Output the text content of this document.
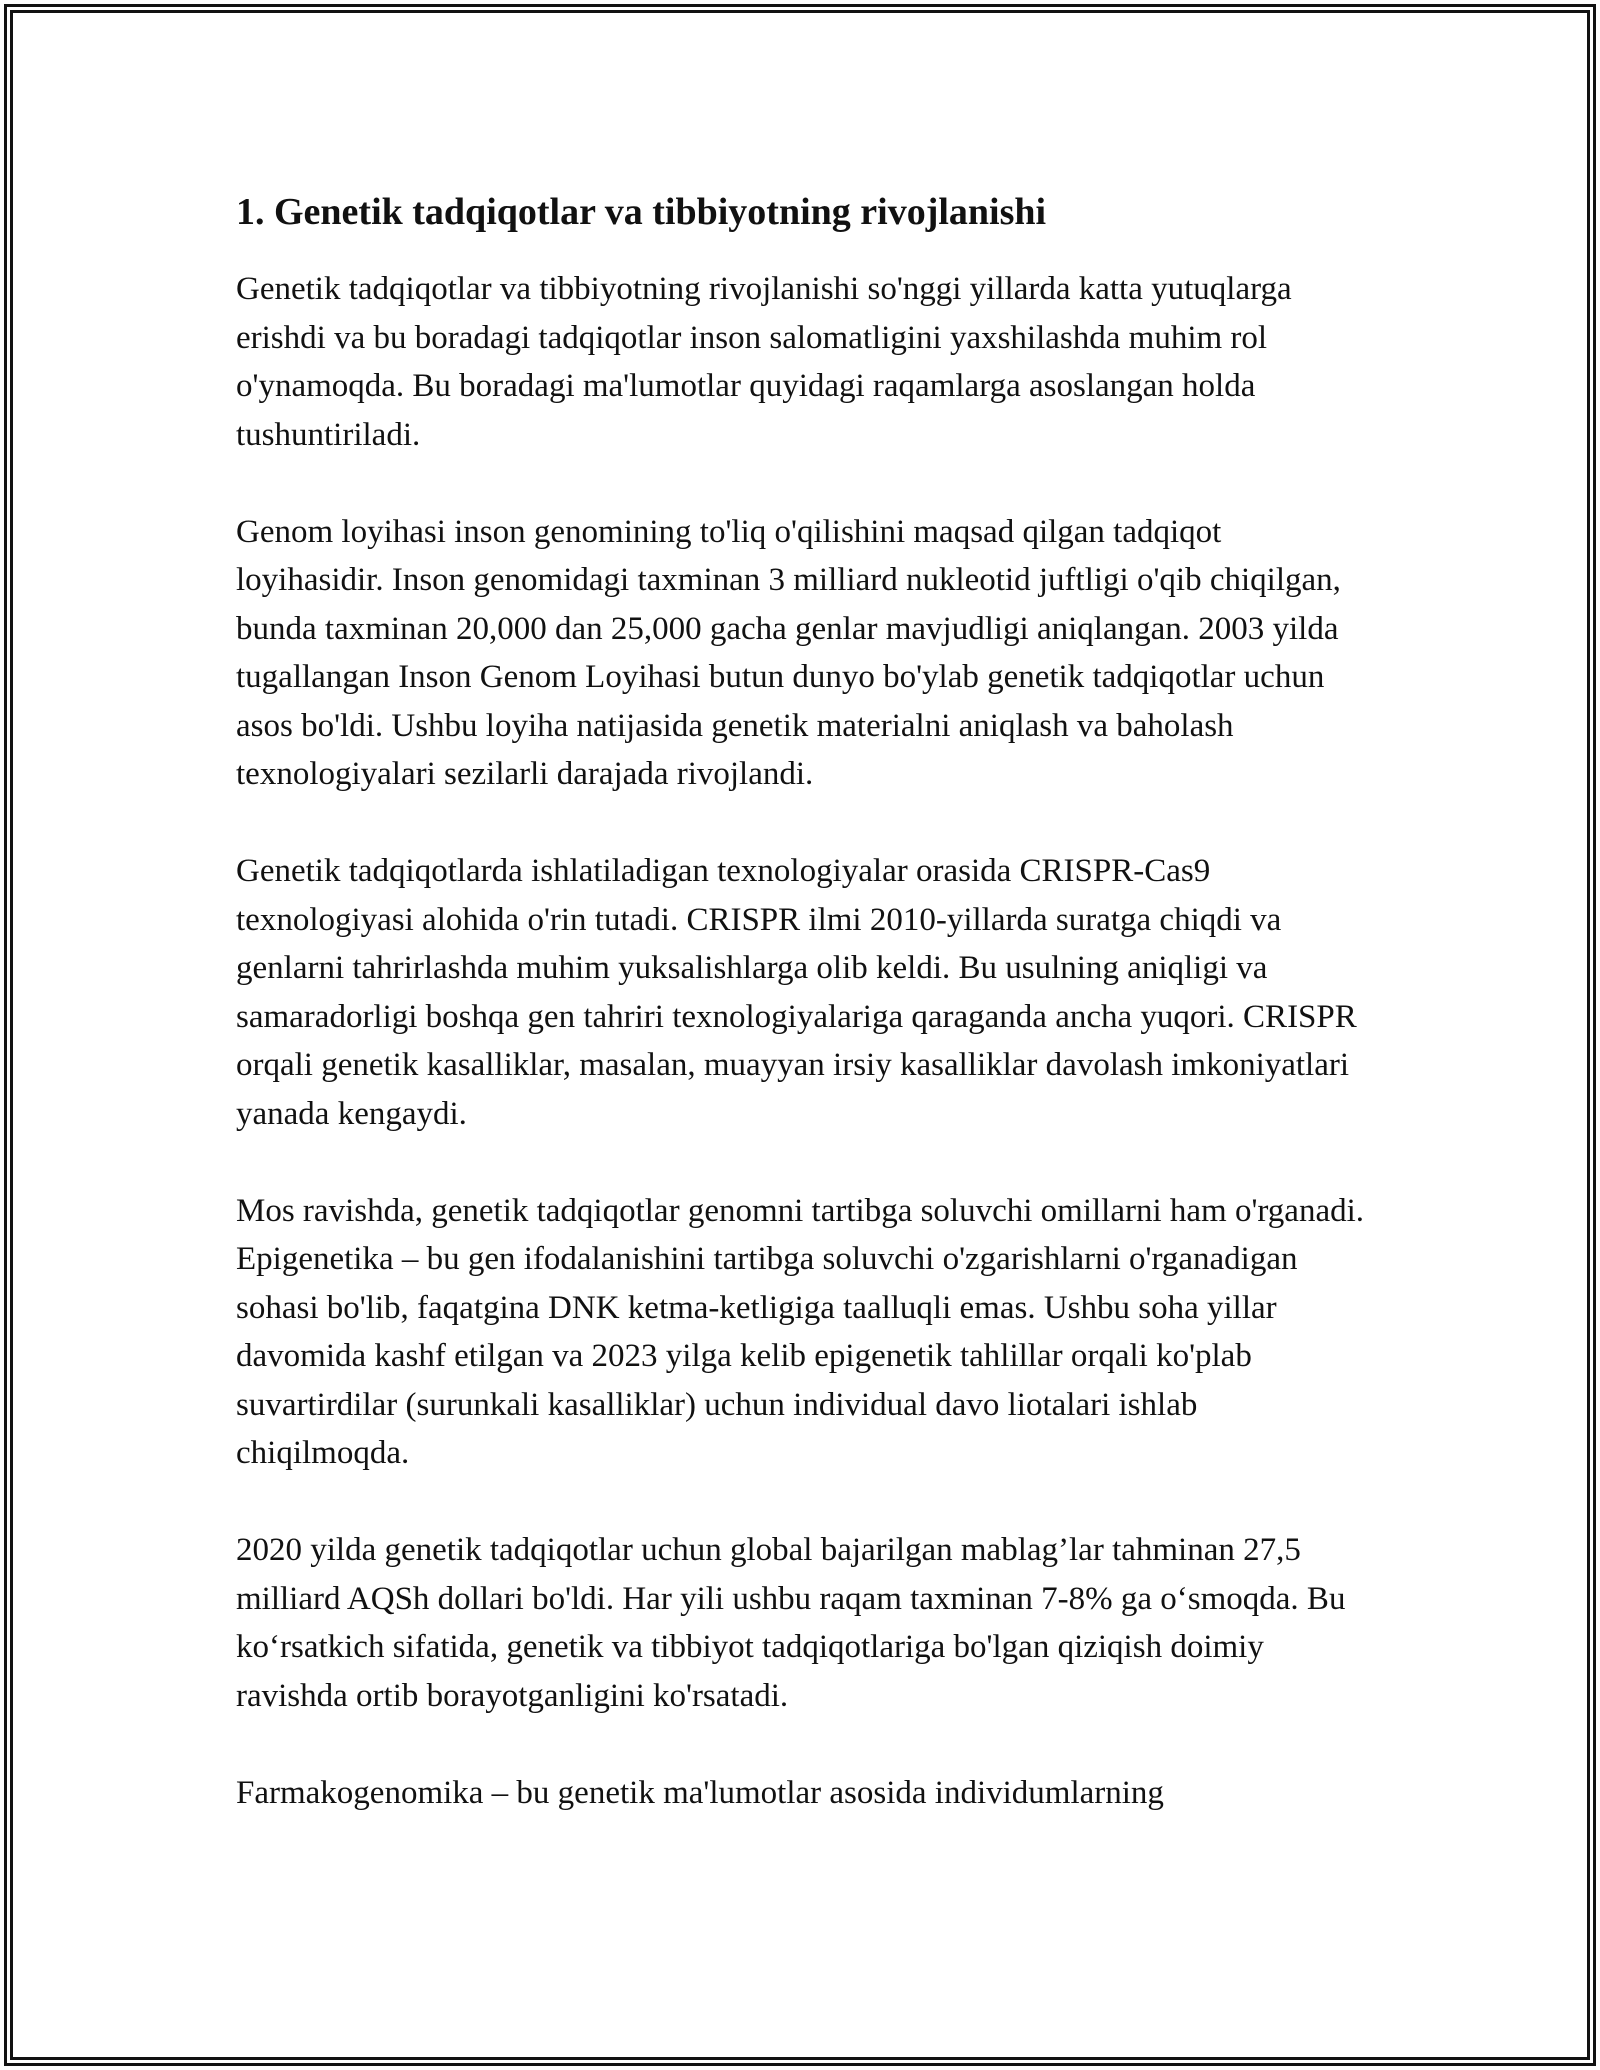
1. Genetik tadqiqotlar va tibbiyotning rivojlanishi

Genetik tadqiqotlar va tibbiyotning rivojlanishi so'nggi yillarda katta yutuqlarga erishdi va bu boradagi tadqiqotlar inson salomatligini yaxshilashda muhim rol o'ynamoqda. Bu boradagi ma'lumotlar quyidagi raqamlarga asoslangan holda tushuntiriladi.

Genom loyihasi inson genomining to'liq o'qilishini maqsad qilgan tadqiqot loyihasidir. Inson genomidagi taxminan 3 milliard nukleotid juftligi o'qib chiqilgan, bunda taxminan 20,000 dan 25,000 gacha genlar mavjudligi aniqlangan. 2003 yilda tugallangan Inson Genom Loyihasi butun dunyo bo'ylab genetik tadqiqotlar uchun asos bo'ldi. Ushbu loyiha natijasida genetik materialni aniqlash va baholash texnologiyalari sezilarli darajada rivojlandi.

Genetik tadqiqotlarda ishlatiladigan texnologiyalar orasida CRISPR-Cas9 texnologiyasi alohida o'rin tutadi. CRISPR ilmi 2010-yillarda suratga chiqdi va genlarni tahrirlashda muhim yuksalishlarga olib keldi. Bu usulning aniqligi va samaradorligi boshqa gen tahriri texnologiyalariga qaraganda ancha yuqori. CRISPR orqali genetik kasalliklar, masalan, muayyan irsiy kasalliklar davolash imkoniyatlari yanada kengaydi.

Mos ravishda, genetik tadqiqotlar genomni tartibga soluvchi omillarni ham o'rganadi. Epigenetika – bu gen ifodalanishini tartibga soluvchi o'zgarishlarni o'rganadigan sohasi bo'lib, faqatgina DNK ketma-ketligiga taalluqli emas. Ushbu soha yillar davomida kashf etilgan va 2023 yilga kelib epigenetik tahlillar orqali ko'plab suvartirdilar (surunkali kasalliklar) uchun individual davo liotalari ishlab chiqilmoqda.

2020 yilda genetik tadqiqotlar uchun global bajarilgan mablag’lar tahminan 27,5 milliard AQSh dollari bo'ldi. Har yili ushbu raqam taxminan 7-8% ga o‘smoqda. Bu ko‘rsatkich sifatida, genetik va tibbiyot tadqiqotlariga bo'lgan qiziqish doimiy ravishda ortib borayotganligini ko'rsatadi.

Farmakogenomika – bu genetik ma'lumotlar asosida individumlarning
